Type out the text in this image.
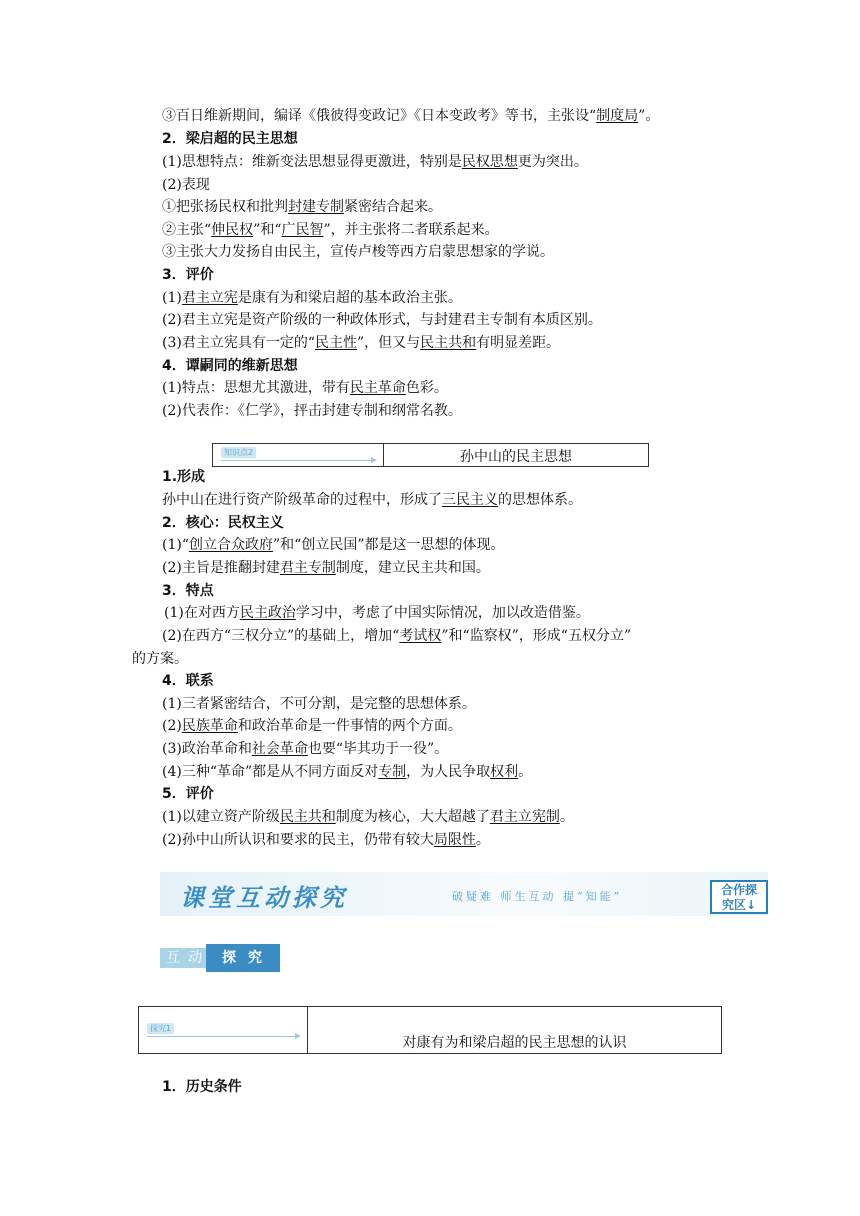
③百日维新期间，编译《俄彼得变政记》《日本变政考》等书，主张设“制度局”。
2．梁启超的民主思想
(1)思想特点：维新变法思想显得更激进，特别是民权思想更为突出。
(2)表现
①把张扬民权和批判封建专制紧密结合起来。
②主张“伸民权”和“广民智”，并主张将二者联系起来。
③主张大力发扬自由民主，宣传卢梭等西方启蒙思想家的学说。
3．评价
(1)君主立宪是康有为和梁启超的基本政治主张。
(2)君主立宪是资产阶级的一种政体形式，与封建君主专制有本质区别。
(3)君主立宪具有一定的“民主性”，但又与民主共和有明显差距。
4．谭嗣同的维新思想
(1)特点：思想尤其激进，带有民主革命色彩。
(2)代表作：《仁学》，抨击封建专制和纲常名教。
知识点2	孙中山的民主思想
1.形成
孙中山在进行资产阶级革命的过程中，形成了三民主义的思想体系。
2．核心：民权主义
(1)“创立合众政府”和“创立民国”都是这一思想的体现。
(2)主旨是推翻封建君主专制制度，建立民主共和国。
3．特点
(1)在对西方民主政治学习中，考虑了中国实际情况，加以改造借鉴。
(2)在西方“三权分立”的基础上，增加“考试权”和“监察权”，形成“五权分立”
的方案。
4．联系
(1)三者紧密结合，不可分割，是完整的思想体系。
(2)民族革命和政治革命是一件事情的两个方面。
(3)政治革命和社会革命也要“毕其功于一役”。
(4)三种“革命”都是从不同方面反对专制，为人民争取权利。
5．评价
(1)以建立资产阶级民主共和制度为核心，大大超越了君主立宪制。
(2)孙中山所认识和要求的民主，仍带有较大局限性。
课堂互动探究	破疑难 师生互动 提“知能”	合作探
究区↓
互 动 探 究
探究1
对康有为和梁启超的民主思想的认识
1．历史条件
